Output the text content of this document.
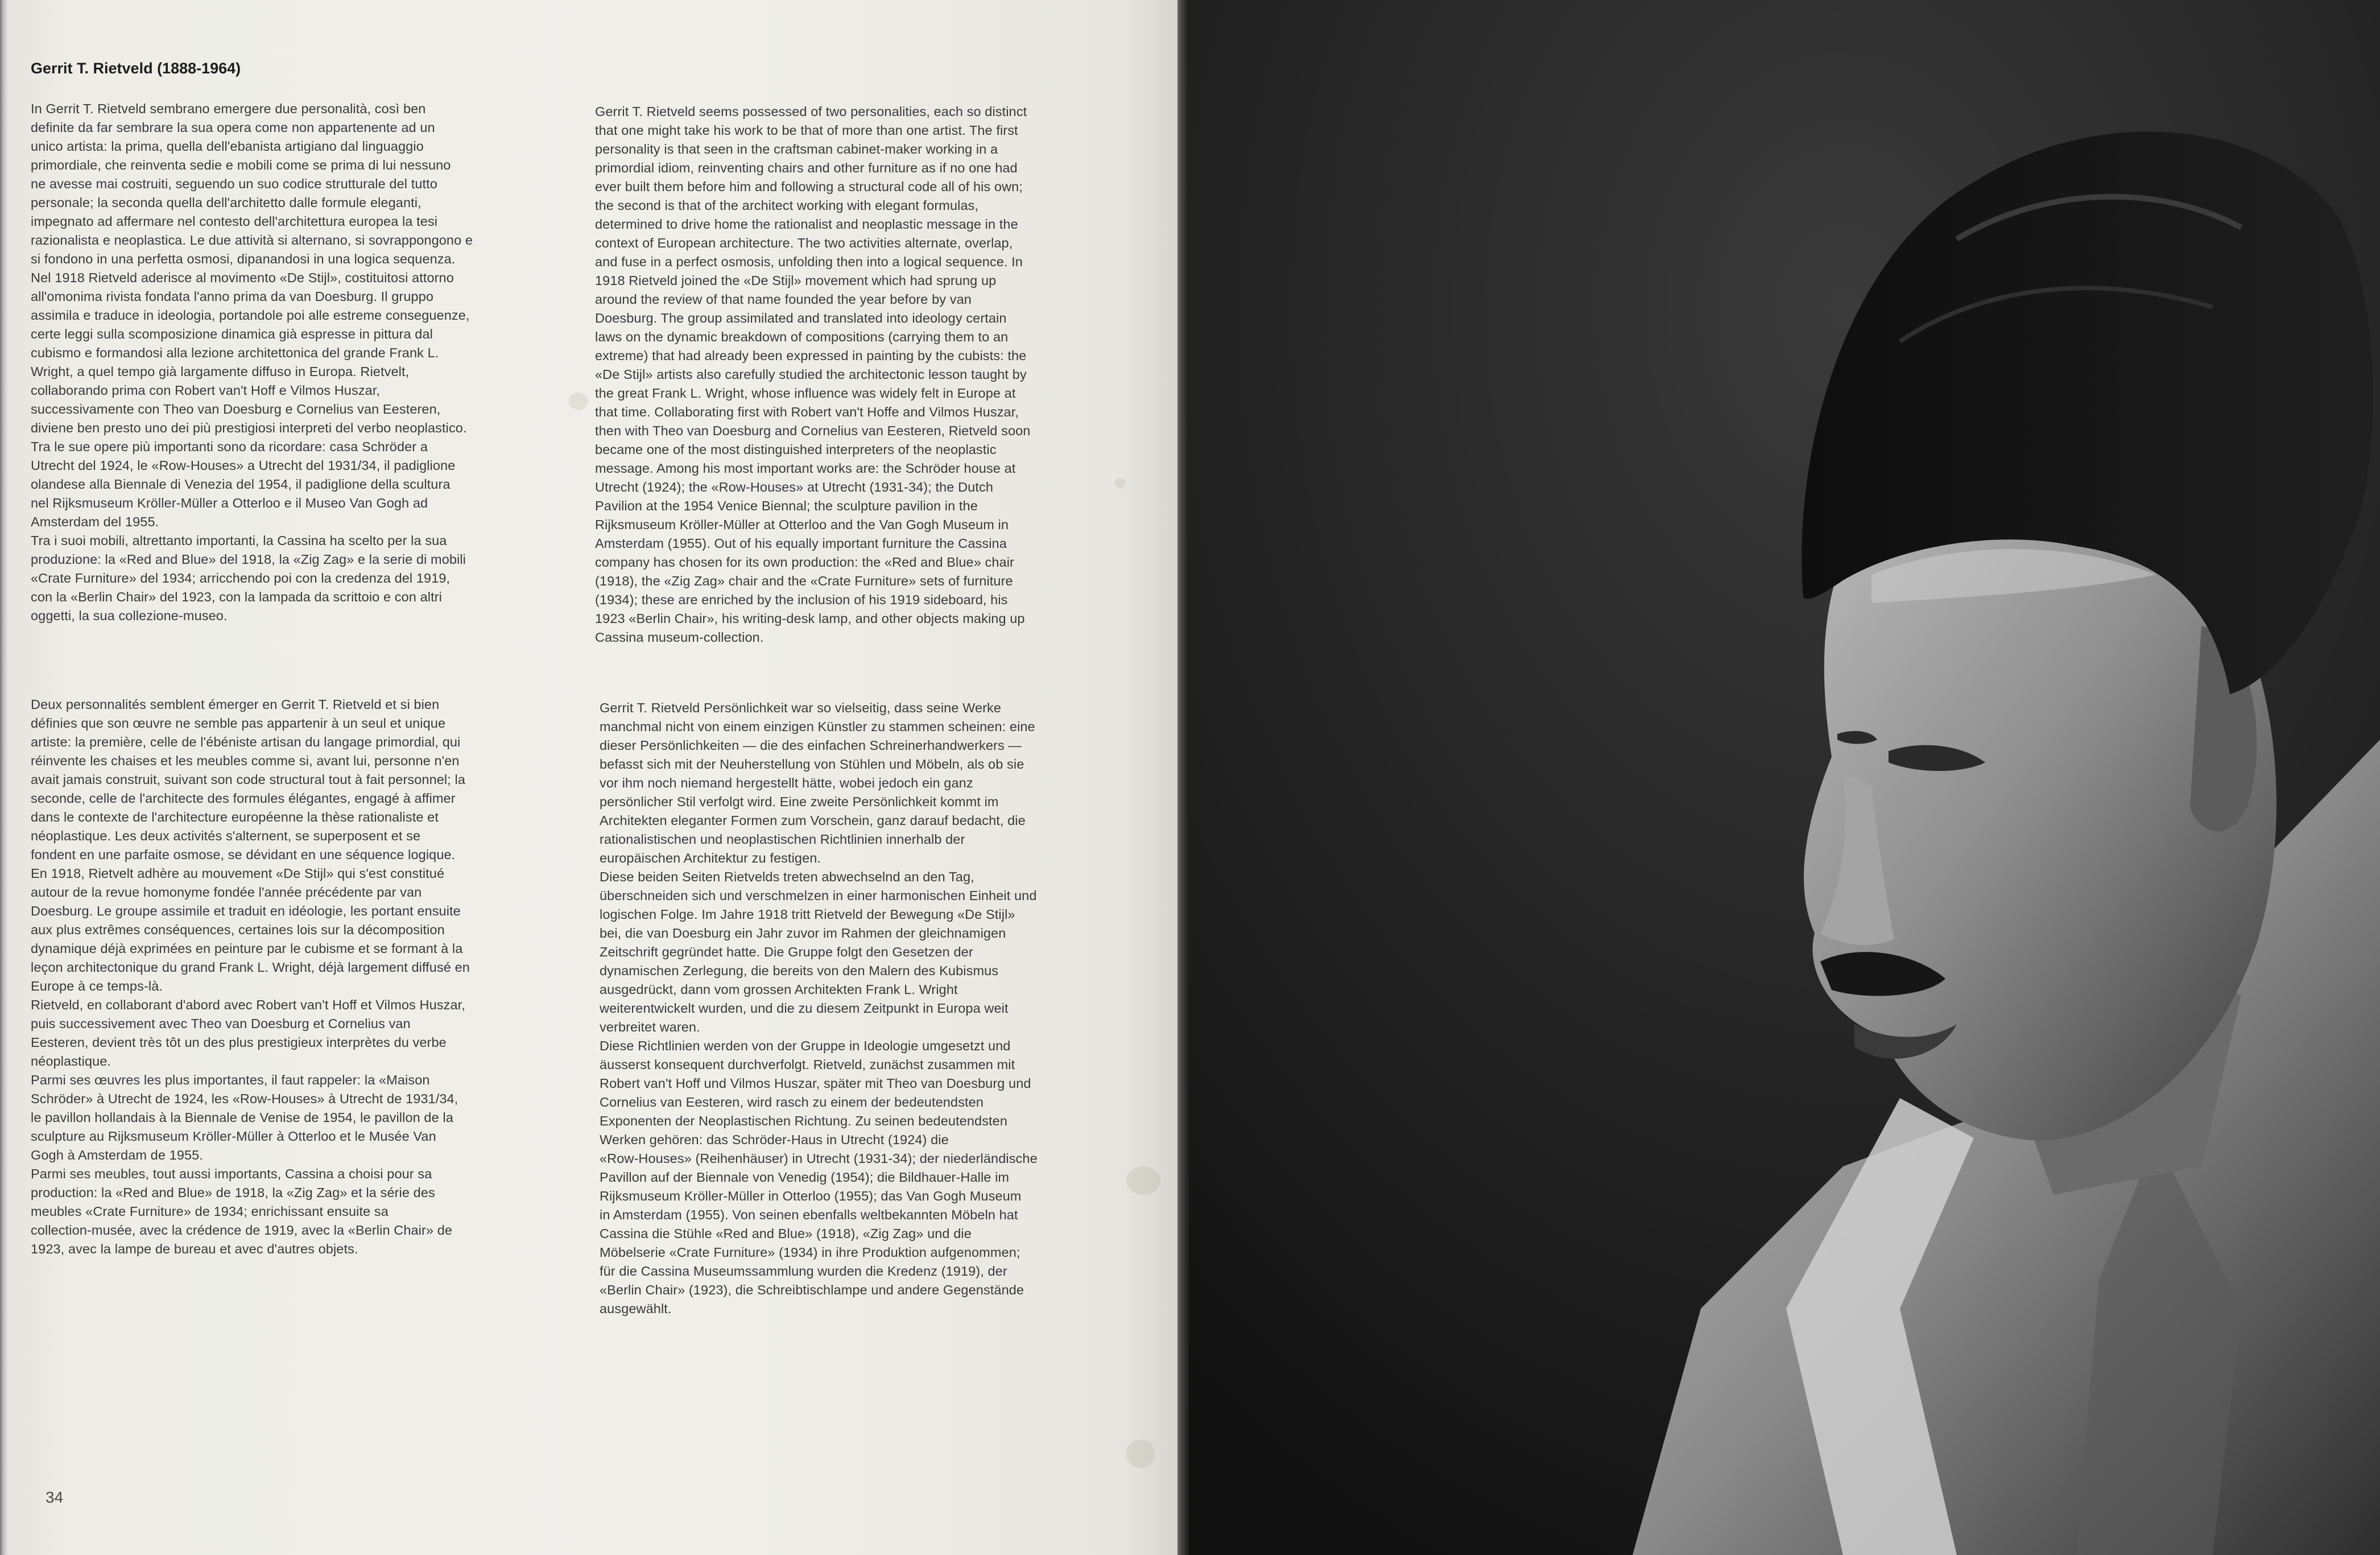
Gerrit T. Rietveld (1888-1964)

In Gerrit T. Rietveld sembrano emergere due personalità, così ben
definite da far sembrare la sua opera come non appartenente ad un
unico artista: la prima, quella dell'ebanista artigiano dal linguaggio
primordiale, che reinventa sedie e mobili come se prima di lui nessuno
ne avesse mai costruiti, seguendo un suo codice strutturale del tutto
personale; la seconda quella dell'architetto dalle formule eleganti,
impegnato ad affermare nel contesto dell'architettura europea la tesi
razionalista e neoplastica. Le due attività si alternano, si sovrappongono e
si fondono in una perfetta osmosi, dipanandosi in una logica sequenza.
Nel 1918 Rietveld aderisce al movimento «De Stijl», costituitosi attorno
all'omonima rivista fondata l'anno prima da van Doesburg. Il gruppo
assimila e traduce in ideologia, portandole poi alle estreme conseguenze,
certe leggi sulla scomposizione dinamica già espresse in pittura dal
cubismo e formandosi alla lezione architettonica del grande Frank L.
Wright, a quel tempo già largamente diffuso in Europa. Rietvelt,
collaborando prima con Robert van't Hoff e Vilmos Huszar,
successivamente con Theo van Doesburg e Cornelius van Eesteren,
diviene ben presto uno dei più prestigiosi interpreti del verbo neoplastico.
Tra le sue opere più importanti sono da ricordare: casa Schröder a
Utrecht del 1924, le «Row-Houses» a Utrecht del 1931/34, il padiglione
olandese alla Biennale di Venezia del 1954, il padiglione della scultura
nel Rijksmuseum Kröller-Müller a Otterloo e il Museo Van Gogh ad
Amsterdam del 1955.
Tra i suoi mobili, altrettanto importanti, la Cassina ha scelto per la sua
produzione: la «Red and Blue» del 1918, la «Zig Zag» e la serie di mobili
«Crate Furniture» del 1934; arricchendo poi con la credenza del 1919,
con la «Berlin Chair» del 1923, con la lampada da scrittoio e con altri
oggetti, la sua collezione-museo.

Gerrit T. Rietveld seems possessed of two personalities, each so distinct
that one might take his work to be that of more than one artist. The first
personality is that seen in the craftsman cabinet-maker working in a
primordial idiom, reinventing chairs and other furniture as if no one had
ever built them before him and following a structural code all of his own;
the second is that of the architect working with elegant formulas,
determined to drive home the rationalist and neoplastic message in the
context of European architecture. The two activities alternate, overlap,
and fuse in a perfect osmosis, unfolding then into a logical sequence. In
1918 Rietveld joined the «De Stijl» movement which had sprung up
around the review of that name founded the year before by van
Doesburg. The group assimilated and translated into ideology certain
laws on the dynamic breakdown of compositions (carrying them to an
extreme) that had already been expressed in painting by the cubists: the
«De Stijl» artists also carefully studied the architectonic lesson taught by
the great Frank L. Wright, whose influence was widely felt in Europe at
that time. Collaborating first with Robert van't Hoffe and Vilmos Huszar,
then with Theo van Doesburg and Cornelius van Eesteren, Rietveld soon
became one of the most distinguished interpreters of the neoplastic
message. Among his most important works are: the Schröder house at
Utrecht (1924); the «Row-Houses» at Utrecht (1931-34); the Dutch
Pavilion at the 1954 Venice Biennal; the sculpture pavilion in the
Rijksmuseum Kröller-Müller at Otterloo and the Van Gogh Museum in
Amsterdam (1955). Out of his equally important furniture the Cassina
company has chosen for its own production: the «Red and Blue» chair
(1918), the «Zig Zag» chair and the «Crate Furniture» sets of furniture
(1934); these are enriched by the inclusion of his 1919 sideboard, his
1923 «Berlin Chair», his writing-desk lamp, and other objects making up
Cassina museum-collection.

Deux personnalités semblent émerger en Gerrit T. Rietveld et si bien
définies que son œuvre ne semble pas appartenir à un seul et unique
artiste: la première, celle de l'ébéniste artisan du langage primordial, qui
réinvente les chaises et les meubles comme si, avant lui, personne n'en
avait jamais construit, suivant son code structural tout à fait personnel; la
seconde, celle de l'architecte des formules élégantes, engagé à affimer
dans le contexte de l'architecture européenne la thèse rationaliste et
néoplastique. Les deux activités s'alternent, se superposent et se
fondent en une parfaite osmose, se dévidant en une séquence logique.
En 1918, Rietvelt adhère au mouvement «De Stijl» qui s'est constitué
autour de la revue homonyme fondée l'année précédente par van
Doesburg. Le groupe assimile et traduit en idéologie, les portant ensuite
aux plus extrêmes conséquences, certaines lois sur la décomposition
dynamique déjà exprimées en peinture par le cubisme et se formant à la
leçon architectonique du grand Frank L. Wright, déjà largement diffusé en
Europe à ce temps-là.
Rietveld, en collaborant d'abord avec Robert van't Hoff et Vilmos Huszar,
puis successivement avec Theo van Doesburg et Cornelius van
Eesteren, devient très tôt un des plus prestigieux interprètes du verbe
néoplastique.
Parmi ses œuvres les plus importantes, il faut rappeler: la «Maison
Schröder» à Utrecht de 1924, les «Row-Houses» à Utrecht de 1931/34,
le pavillon hollandais à la Biennale de Venise de 1954, le pavillon de la
sculpture au Rijksmuseum Kröller-Müller à Otterloo et le Musée Van
Gogh à Amsterdam de 1955.
Parmi ses meubles, tout aussi importants, Cassina a choisi pour sa
production: la «Red and Blue» de 1918, la «Zig Zag» et la série des
meubles «Crate Furniture» de 1934; enrichissant ensuite sa
collection-musée, avec la crédence de 1919, avec la «Berlin Chair» de
1923, avec la lampe de bureau et avec d'autres objets.

Gerrit T. Rietveld Persönlichkeit war so vielseitig, dass seine Werke
manchmal nicht von einem einzigen Künstler zu stammen scheinen: eine
dieser Persönlichkeiten — die des einfachen Schreinerhandwerkers —
befasst sich mit der Neuherstellung von Stühlen und Möbeln, als ob sie
vor ihm noch niemand hergestellt hätte, wobei jedoch ein ganz
persönlicher Stil verfolgt wird. Eine zweite Persönlichkeit kommt im
Architekten eleganter Formen zum Vorschein, ganz darauf bedacht, die
rationalistischen und neoplastischen Richtlinien innerhalb der
europäischen Architektur zu festigen.
Diese beiden Seiten Rietvelds treten abwechselnd an den Tag,
überschneiden sich und verschmelzen in einer harmonischen Einheit und
logischen Folge. Im Jahre 1918 tritt Rietveld der Bewegung «De Stijl»
bei, die van Doesburg ein Jahr zuvor im Rahmen der gleichnamigen
Zeitschrift gegründet hatte. Die Gruppe folgt den Gesetzen der
dynamischen Zerlegung, die bereits von den Malern des Kubismus
ausgedrückt, dann vom grossen Architekten Frank L. Wright
weiterentwickelt wurden, und die zu diesem Zeitpunkt in Europa weit
verbreitet waren.
Diese Richtlinien werden von der Gruppe in Ideologie umgesetzt und
äusserst konsequent durchverfolgt. Rietveld, zunächst zusammen mit
Robert van't Hoff und Vilmos Huszar, später mit Theo van Doesburg und
Cornelius van Eesteren, wird rasch zu einem der bedeutendsten
Exponenten der Neoplastischen Richtung. Zu seinen bedeutendsten
Werken gehören: das Schröder-Haus in Utrecht (1924) die
«Row-Houses» (Reihenhäuser) in Utrecht (1931-34); der niederländische
Pavillon auf der Biennale von Venedig (1954); die Bildhauer-Halle im
Rijksmuseum Kröller-Müller in Otterloo (1955); das Van Gogh Museum
in Amsterdam (1955). Von seinen ebenfalls weltbekannten Möbeln hat
Cassina die Stühle «Red and Blue» (1918), «Zig Zag» und die
Möbelserie «Crate Furniture» (1934) in ihre Produktion aufgenommen;
für die Cassina Museumssammlung wurden die Kredenz (1919), der
«Berlin Chair» (1923), die Schreibtischlampe und andere Gegenstände
ausgewählt.

34
